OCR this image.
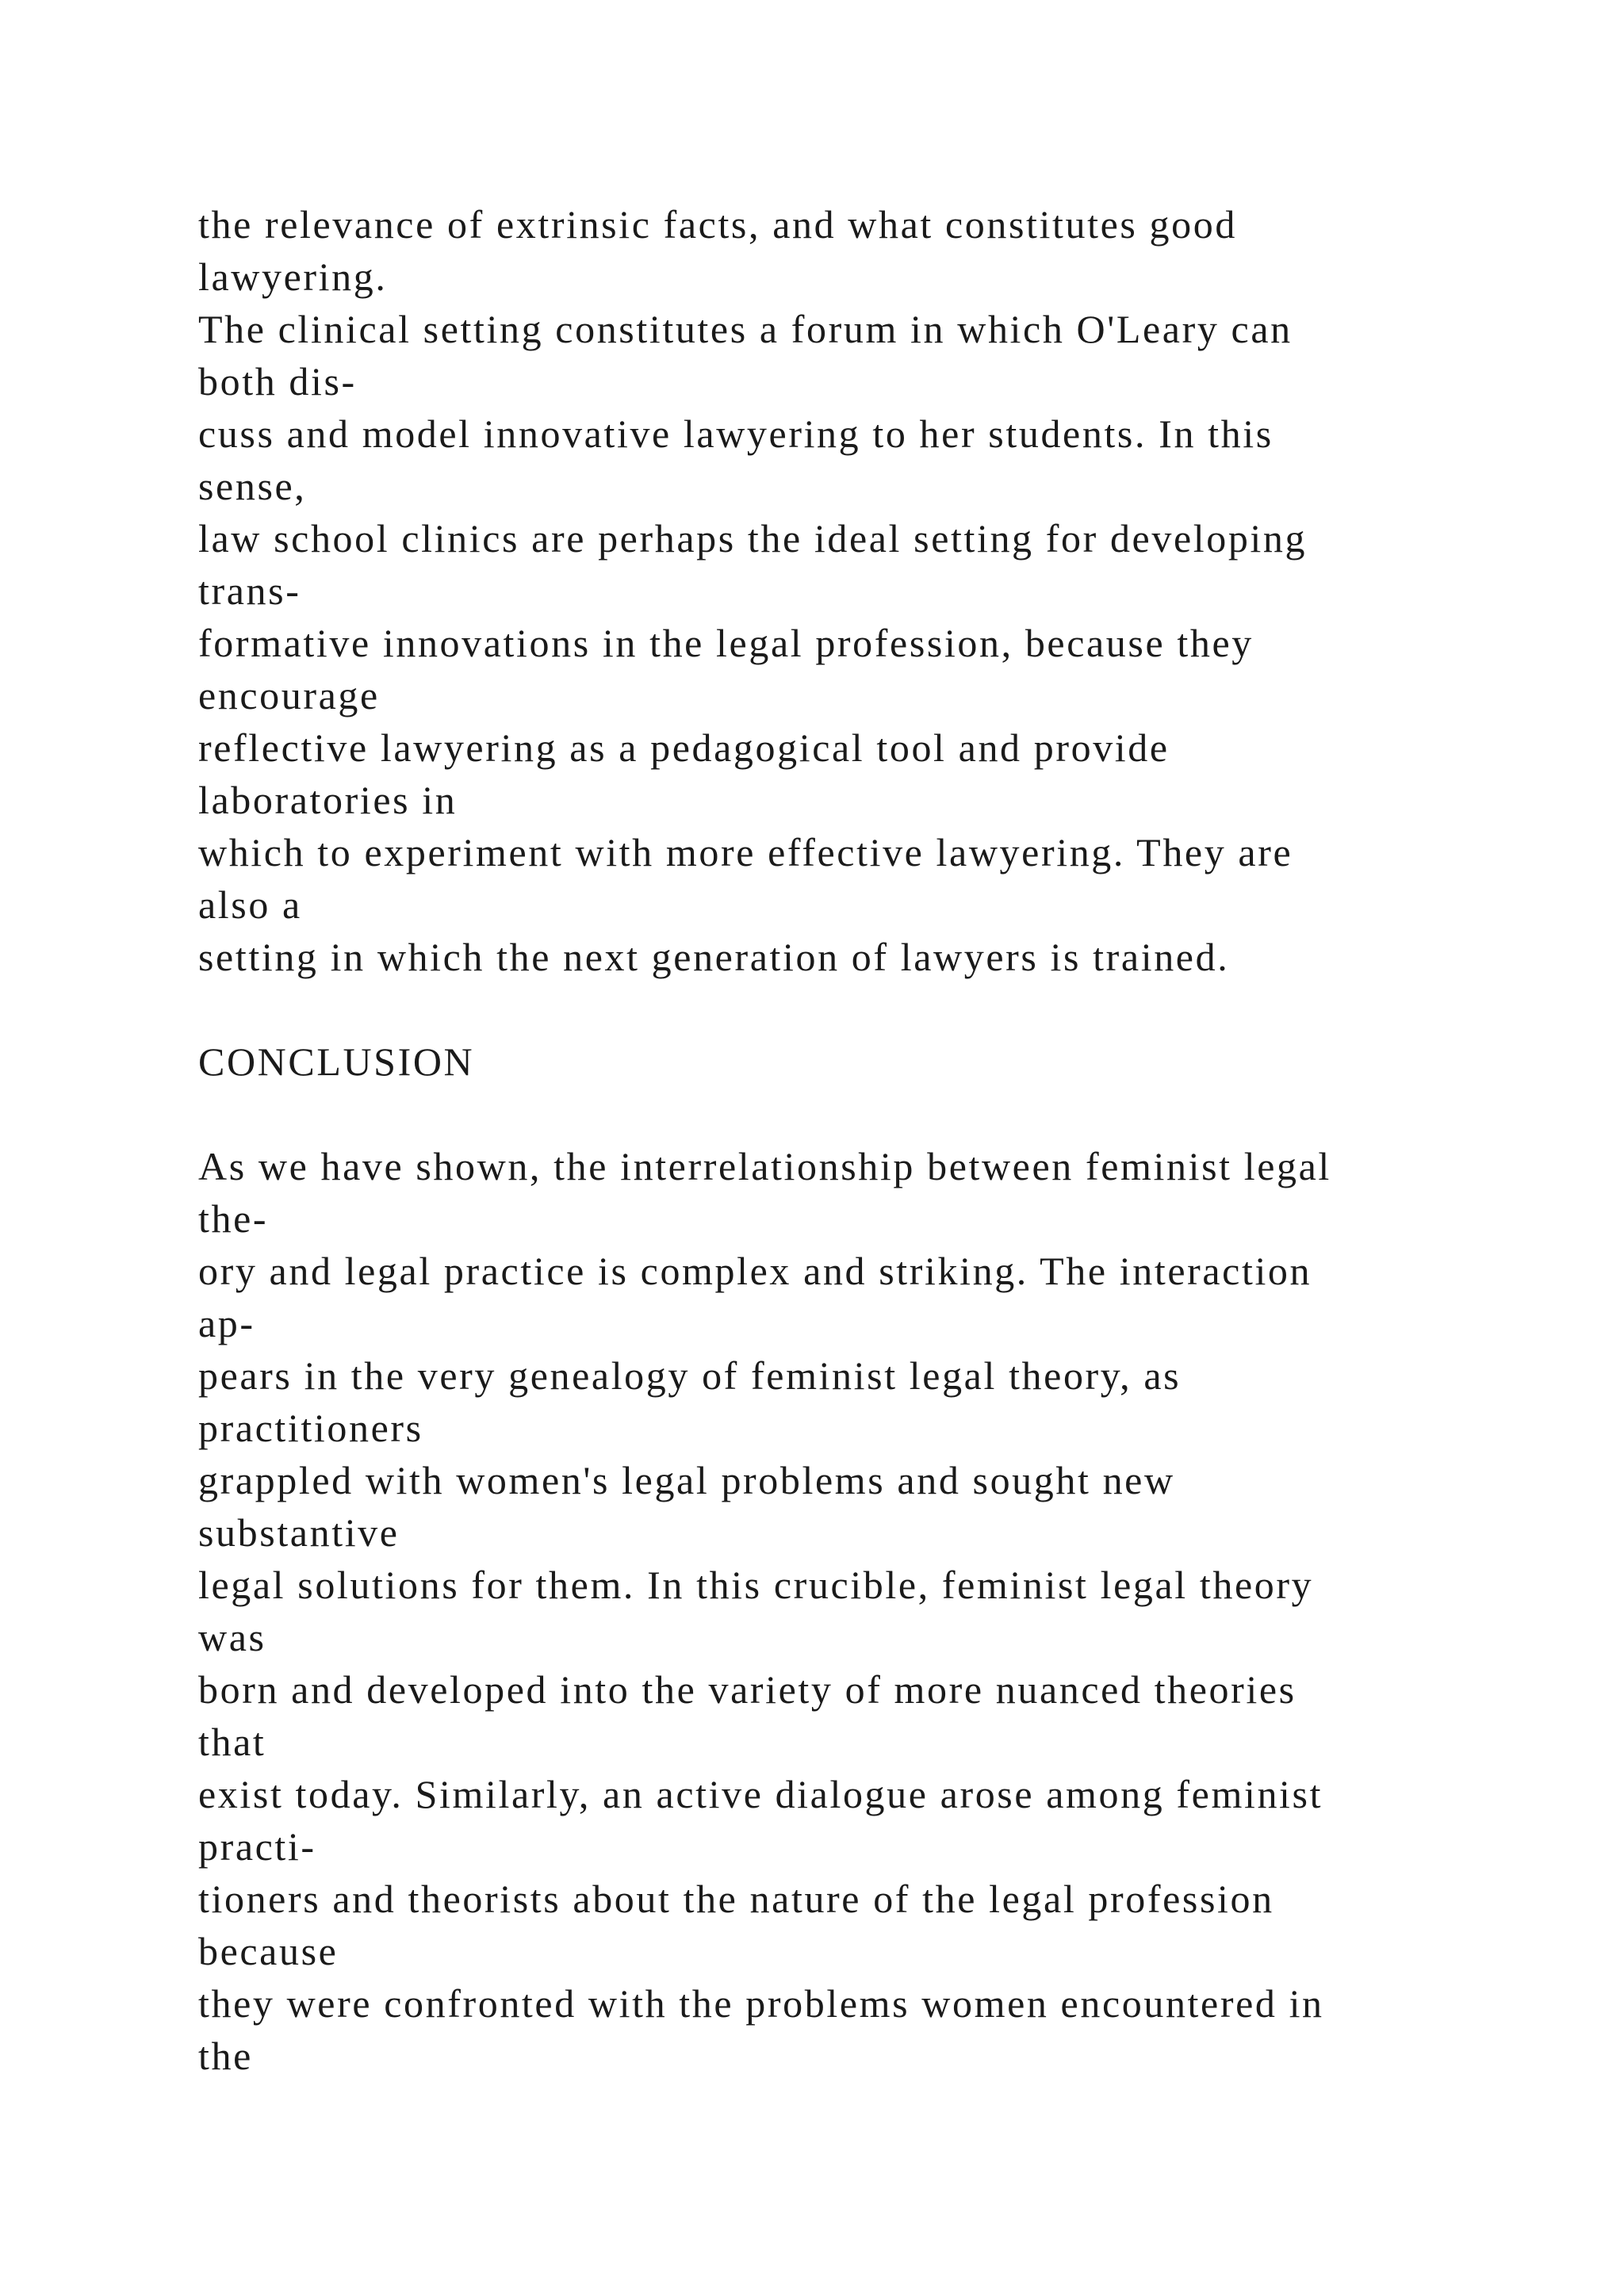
the relevance of extrinsic facts, and what constitutes good

lawyering.

The clinical setting constitutes a forum in which O'Leary can

both dis-

cuss and model innovative lawyering to her students. In this

sense,

law school clinics are perhaps the ideal setting for developing

trans-

formative innovations in the legal profession, because they

encourage

reflective lawyering as a pedagogical tool and provide

laboratories in

which to experiment with more effective lawyering. They are

also a

setting in which the next generation of lawyers is trained.

CONCLUSION

As we have shown, the interrelationship between feminist legal

the-

ory and legal practice is complex and striking. The interaction

ap-

pears in the very genealogy of feminist legal theory, as

practitioners

grappled with women's legal problems and sought new

substantive

legal solutions for them. In this crucible, feminist legal theory

was

born and developed into the variety of more nuanced theories

that

exist today. Similarly, an active dialogue arose among feminist

practi-

tioners and theorists about the nature of the legal profession

because

they were confronted with the problems women encountered in

the
